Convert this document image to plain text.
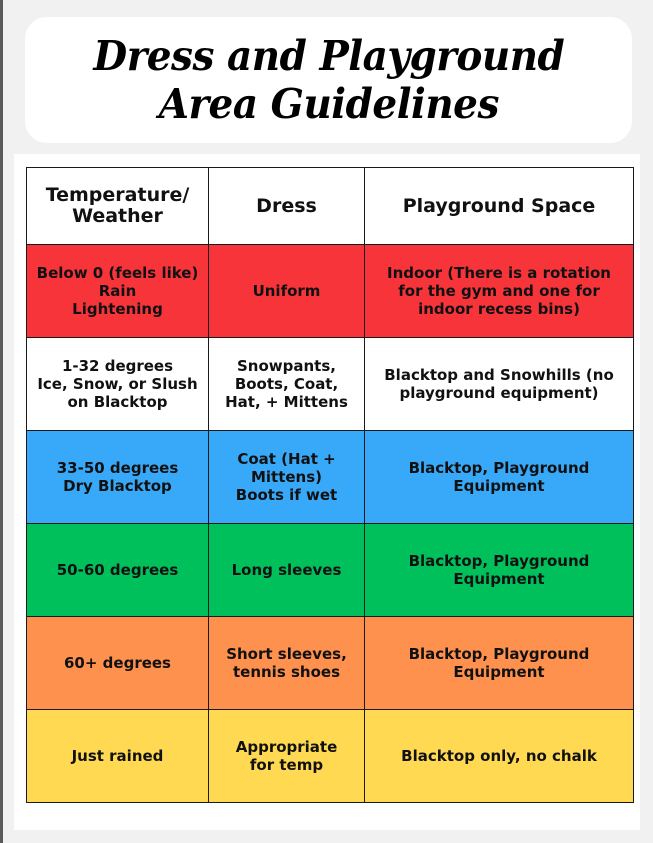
Dress and Playground
Area Guidelines
Temperature/
Weather	Dress	Playground Space
Below 0 (feels like)
Rain
Lightening	Uniform	Indoor (There is a rotation
for the gym and one for
indoor recess bins)
1-32 degrees
Ice, Snow, or Slush
on Blacktop	Snowpants,
Boots, Coat,
Hat, + Mittens	Blacktop and Snowhills (no
playground equipment)
33-50 degrees
Dry Blacktop	Coat (Hat +
Mittens)
Boots if wet	Blacktop, Playground
Equipment
50-60 degrees	Long sleeves	Blacktop, Playground
Equipment
60+ degrees	Short sleeves,
tennis shoes	Blacktop, Playground
Equipment
Just rained	Appropriate
for temp	Blacktop only, no chalk
